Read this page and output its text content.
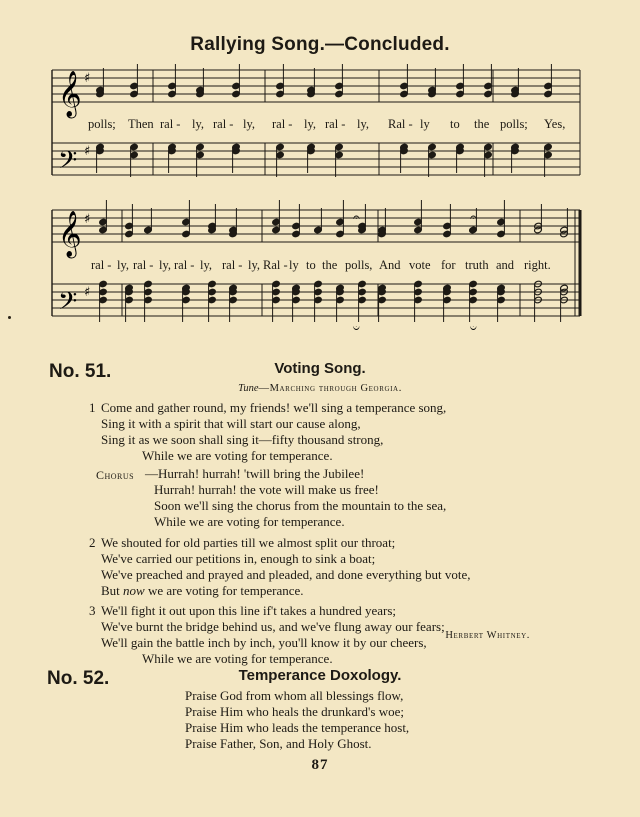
Rallying Song.—Concluded.
𝄞
𝄞
𝄢
𝄢
♯
♯
♯
♯
𝄐	𝄐
𝄑	𝄑
polls; Then ral - ly, ral - ly, ral - ly, ral - ly, Ral - ly to the polls; Yes,
ral - ly, ral - ly, ral - ly, ral - ly, Ral - ly to the polls, And vote for truth and right.
No. 51.	Voting Song.
Tune—Marching through Georgia.
1 Come and gather round, my friends! we'll sing a temperance song,
Sing it with a spirit that will start our cause along,
Sing it as we soon shall sing it—fifty thousand strong,
While we are voting for temperance.
Chorus —Hurrah! hurrah! 'twill bring the Jubilee!
Hurrah! hurrah! the vote will make us free!
Soon we'll sing the chorus from the mountain to the sea,
While we are voting for temperance.
2 We shouted for old parties till we almost split our throat;
We've carried our petitions in, enough to sink a boat;
We've preached and prayed and pleaded, and done everything but vote,
But now we are voting for temperance.
3 We'll fight it out upon this line if't takes a hundred years;
We've burnt the bridge behind us, and we've flung away our fears;
We'll gain the battle inch by inch, you'll know it by our cheers,
While we are voting for temperance.
Herbert Whitney.
No. 52.	Temperance Doxology.
Praise God from whom all blessings flow,
Praise Him who heals the drunkard's woe;
Praise Him who leads the temperance host,
Praise Father, Son, and Holy Ghost.
87
